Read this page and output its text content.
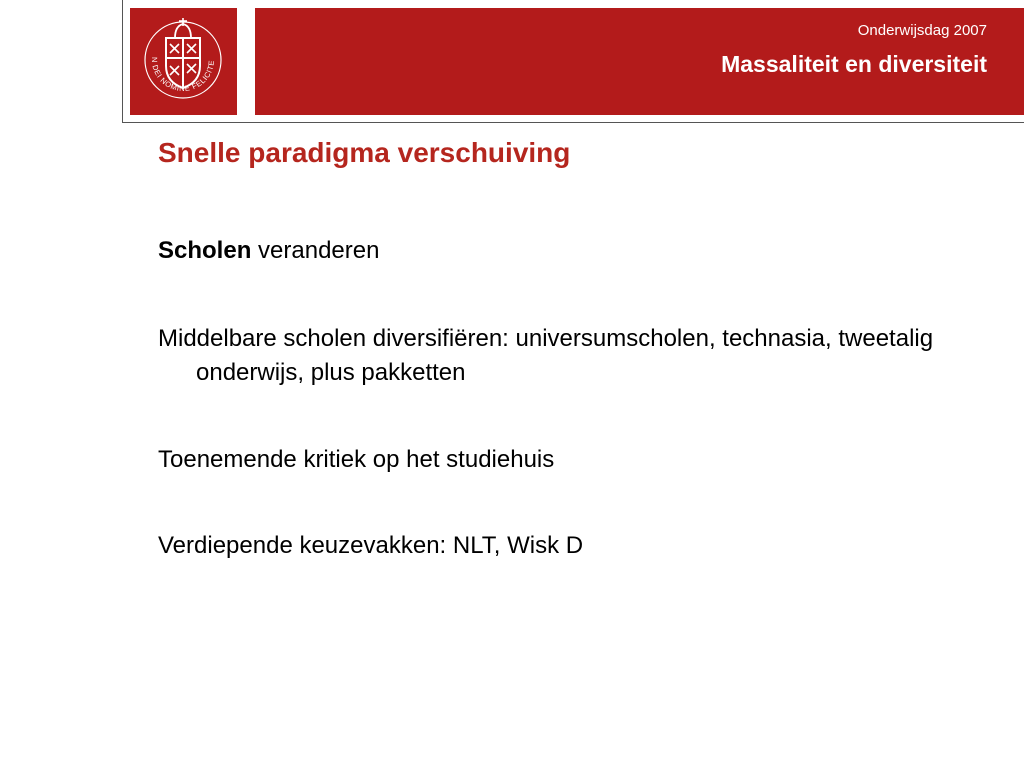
N DEI NOMINE FELICITE
Onderwijsdag 2007
Massaliteit en diversiteit
Snelle paradigma verschuiving
Scholen veranderen
Middelbare scholen diversifiëren: universumscholen, technasia, tweetalig onderwijs, plus pakketten
Toenemende kritiek op het studiehuis
Verdiepende keuzevakken: NLT, Wisk D
